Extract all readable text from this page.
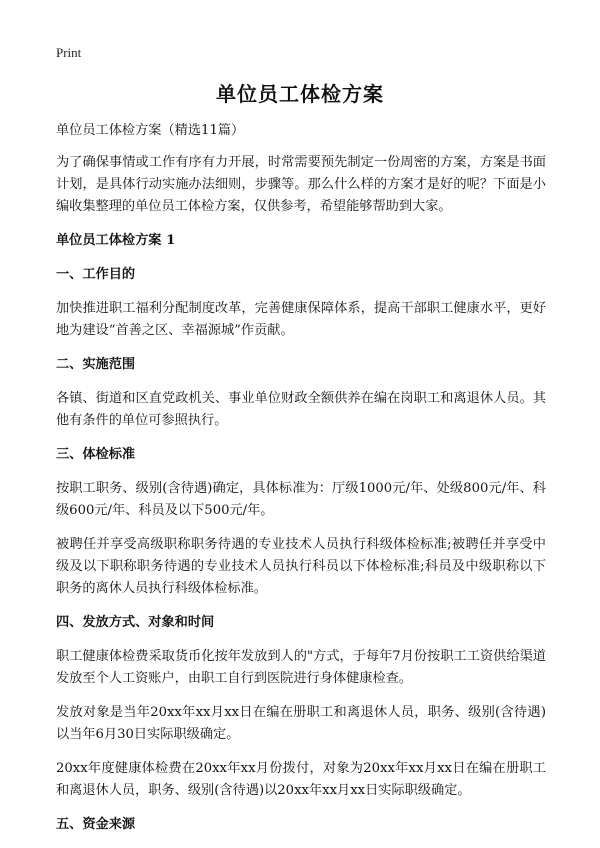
Print
单位员工体检方案

单位员工体检方案（精选11篇）

为了确保事情或工作有序有力开展，时常需要预先制定一份周密的方案，方案是书面计划，是具体行动实施办法细则，步骤等。那么什么样的方案才是好的呢？下面是小编收集整理的单位员工体检方案，仅供参考，希望能够帮助到大家。

单位员工体检方案 1
一、工作目的

加快推进职工福利分配制度改革，完善健康保障体系，提高干部职工健康水平，更好地为建设“首善之区、幸福源城”作贡献。

二、实施范围

各镇、街道和区直党政机关、事业单位财政全额供养在编在岗职工和离退休人员。其他有条件的单位可参照执行。

三、体检标准

按职工职务、级别(含待遇)确定，具体标准为：厅级1000元/年、处级800元/年、科级600元/年、科员及以下500元/年。

被聘任并享受高级职称职务待遇的专业技术人员执行科级体检标准;被聘任并享受中级及以下职称职务待遇的专业技术人员执行科员以下体检标准;科员及中级职称以下职务的离休人员执行科级体检标准。

四、发放方式、对象和时间

职工健康体检费采取货币化按年发放到人的"方式，于每年7月份按职工工资供给渠道发放至个人工资账户，由职工自行到医院进行身体健康检查。

发放对象是当年20xx年xx月xx日在编在册职工和离退休人员，职务、级别(含待遇)以当年6月30日实际职级确定。

20xx年度健康体检费在20xx年xx月份拨付，对象为20xx年xx月xx日在编在册职工和离退休人员，职务、级别(含待遇)以20xx年xx月xx日实际职级确定。

五、资金来源
